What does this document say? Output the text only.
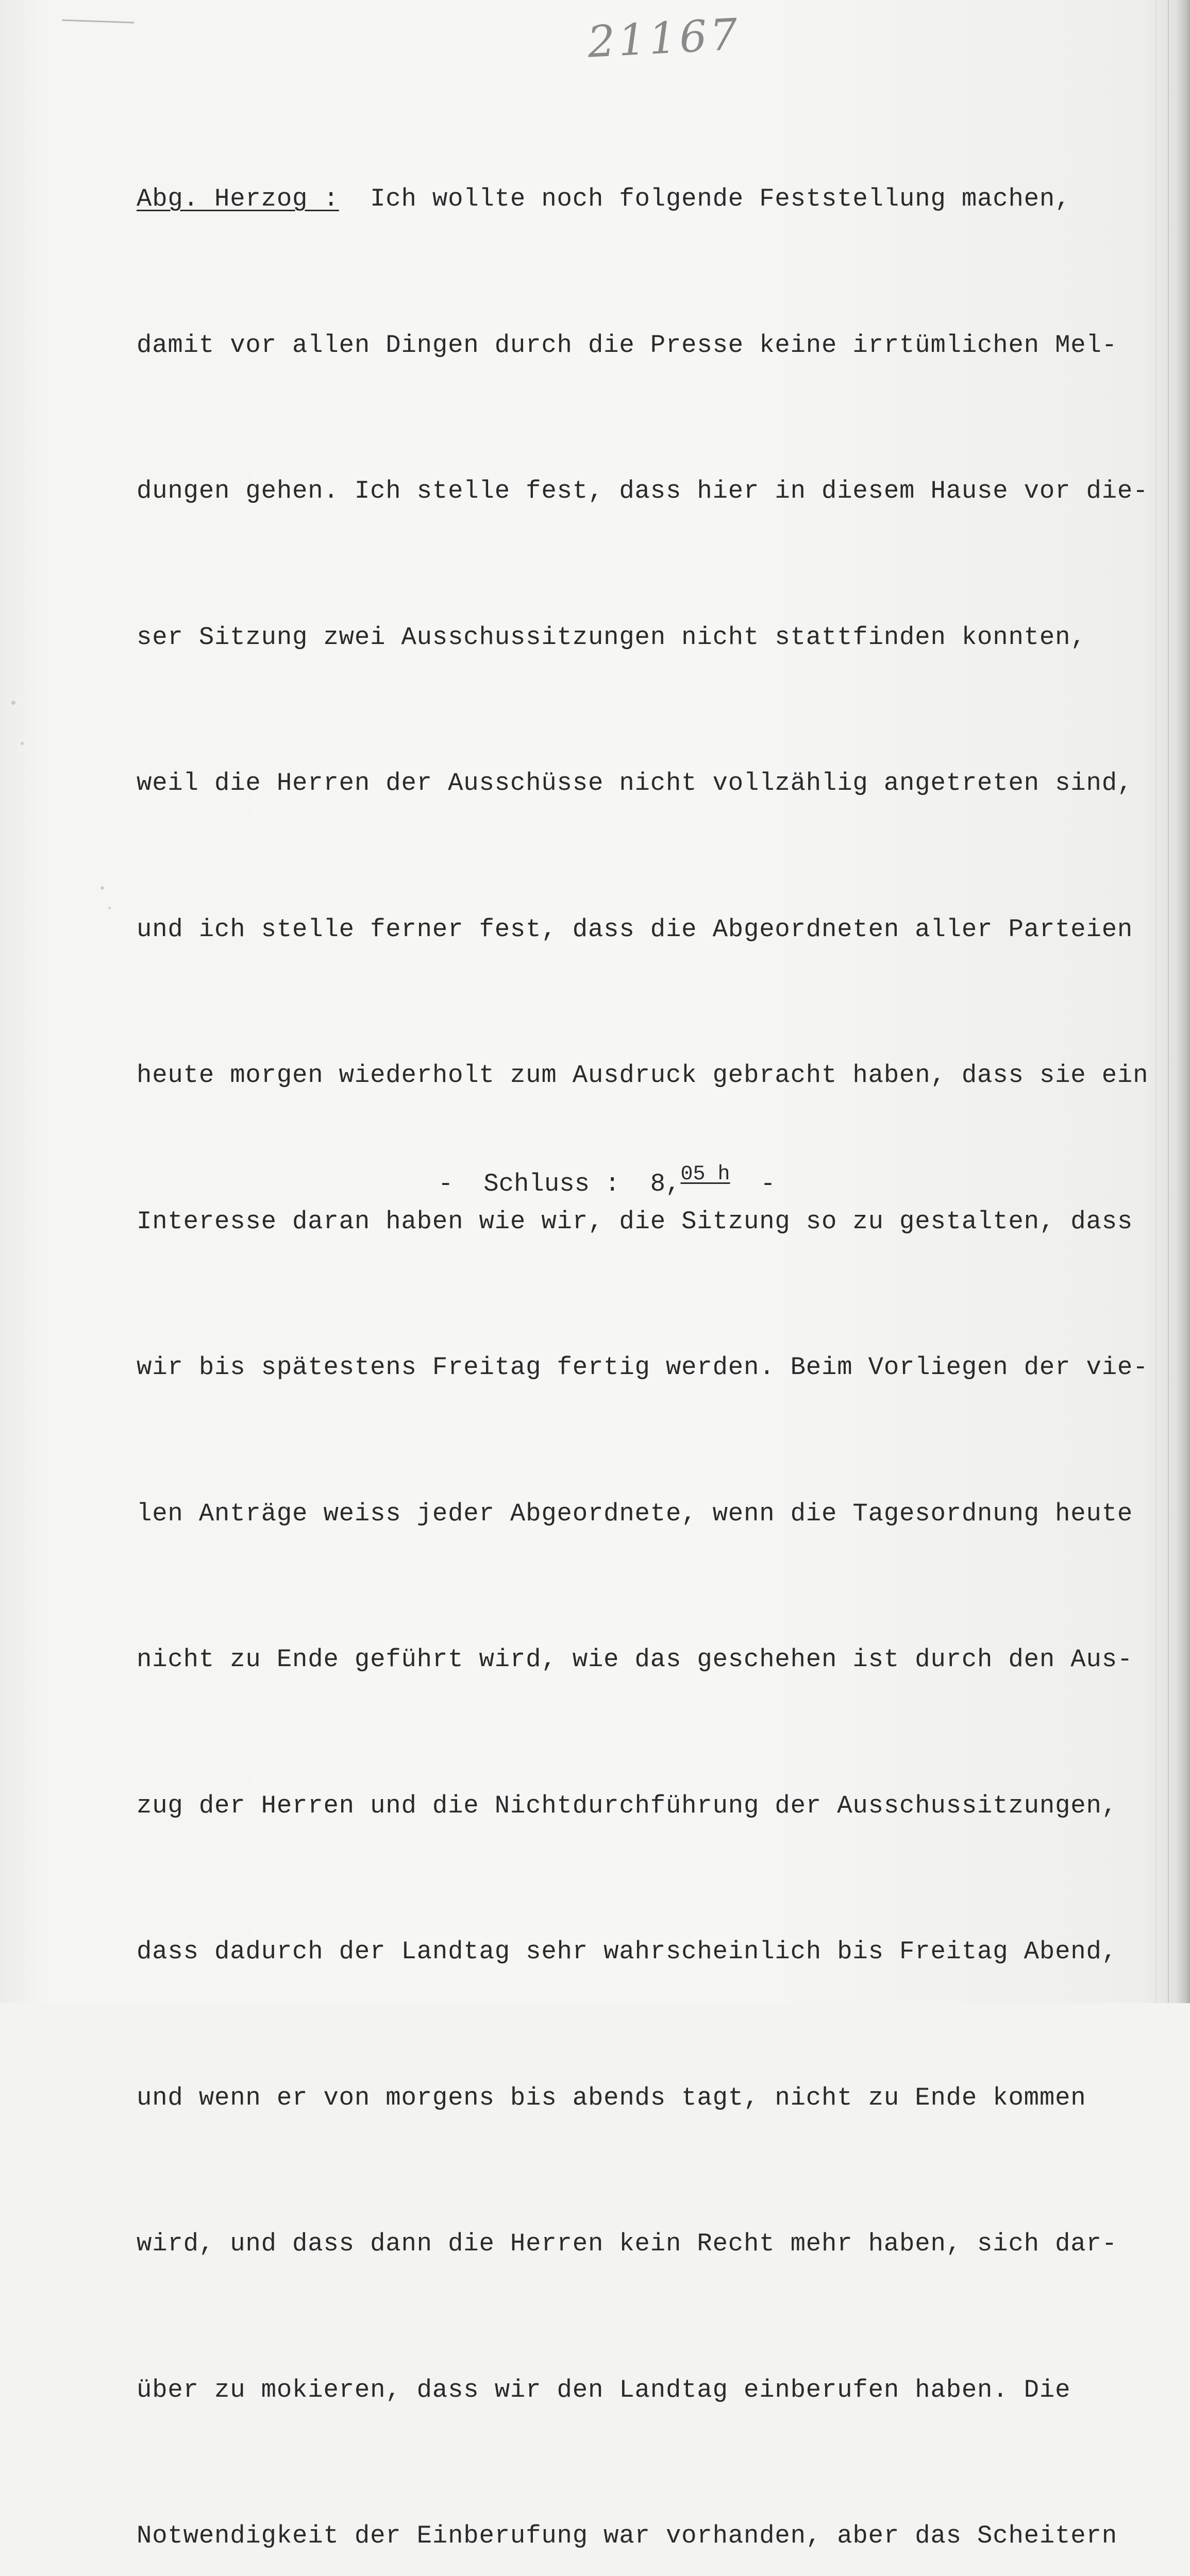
21167

Abg. Herzog :  Ich wollte noch folgende Feststellung machen,

damit vor allen Dingen durch die Presse keine irrtümlichen Mel-

dungen gehen. Ich stelle fest, dass hier in diesem Hause vor die-

ser Sitzung zwei Ausschussitzungen nicht stattfinden konnten,

weil die Herren der Ausschüsse nicht vollzählig angetreten sind,

und ich stelle ferner fest, dass die Abgeordneten aller Parteien

heute morgen wiederholt zum Ausdruck gebracht haben, dass sie ein

Interesse daran haben wie wir, die Sitzung so zu gestalten, dass

wir bis spätestens Freitag fertig werden. Beim Vorliegen der vie-

len Anträge weiss jeder Abgeordnete, wenn die Tagesordnung heute

nicht zu Ende geführt wird, wie das geschehen ist durch den Aus-

zug der Herren und die Nichtdurchführung der Ausschussitzungen,

dass dadurch der Landtag sehr wahrscheinlich bis Freitag Abend,

und wenn er von morgens bis abends tagt, nicht zu Ende kommen

wird, und dass dann die Herren kein Recht mehr haben, sich dar-

über zu mokieren, dass wir den Landtag einberufen haben. Die

Notwendigkeit der Einberufung war vorhanden, aber das Scheitern

-  Schluss :  8,05 $^h$  -
